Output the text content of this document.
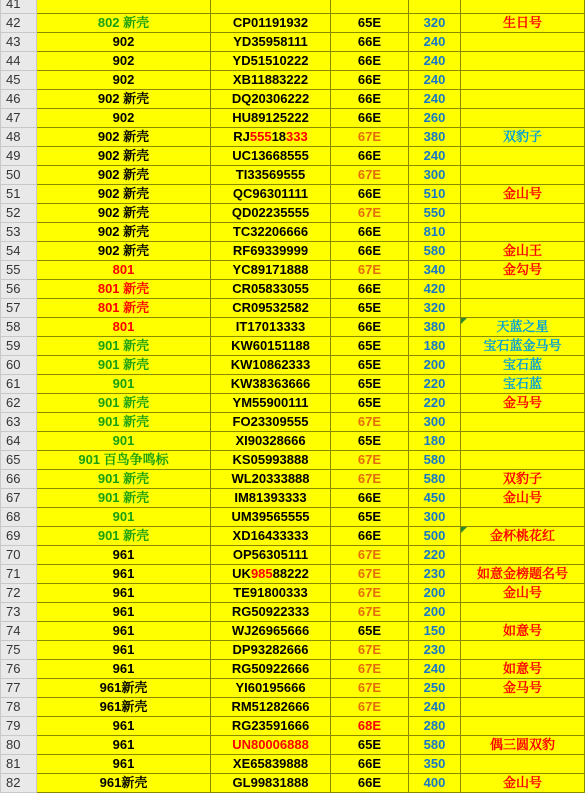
41					
42	802 新壳	CP01191932	65E	320	生日号
43	902	YD35958111	66E	240	
44	902	YD51510222	66E	240	
45	902	XB11883222	66E	240	
46	902 新壳	DQ20306222	66E	240	
47	902	HU89125222	66E	260	
48	902 新壳	RJ55518333	67E	380	双豹子
49	902 新壳	UC13668555	66E	240	
50	902 新壳	TI33569555	67E	300	
51	902 新壳	QC96301111	66E	510	金山号
52	902 新壳	QD02235555	67E	550	
53	902 新壳	TC32206666	66E	810	
54	902 新壳	RF69339999	66E	580	金山王
55	801	YC89171888	67E	340	金勾号
56	801 新壳	CR05833055	66E	420	
57	801 新壳	CR09532582	65E	320	
58	801	IT17013333	66E	380	天蓝之星
59	901 新壳	KW60151188	65E	180	宝石蓝金马号
60	901 新壳	KW10862333	65E	200	宝石蓝
61	901	KW38363666	65E	220	宝石蓝
62	901 新壳	YM55900111	65E	220	金马号
63	901 新壳	FO23309555	67E	300	
64	901	XI90328666	65E	180	
65	901 百鸟争鸣标	KS05993888	67E	580	
66	901 新壳	WL20333888	67E	580	双豹子
67	901 新壳	IM81393333	66E	450	金山号
68	901	UM39565555	65E	300	
69	901 新壳	XD16433333	66E	500	金杯桃花红
70	961	OP56305111	67E	220	
71	961	UK98588222	67E	230	如意金榜题名号
72	961	TE91800333	67E	200	金山号
73	961	RG50922333	67E	200	
74	961	WJ26965666	65E	150	如意号
75	961	DP93282666	67E	230	
76	961	RG50922666	67E	240	如意号
77	961新壳	YI60195666	67E	250	金马号
78	961新壳	RM51282666	67E	240	
79	961	RG23591666	68E	280	
80	961	UN80006888	65E	580	偶三圆双豹
81	961	XE65839888	66E	350	
82	961新壳	GL99831888	66E	400	金山号
